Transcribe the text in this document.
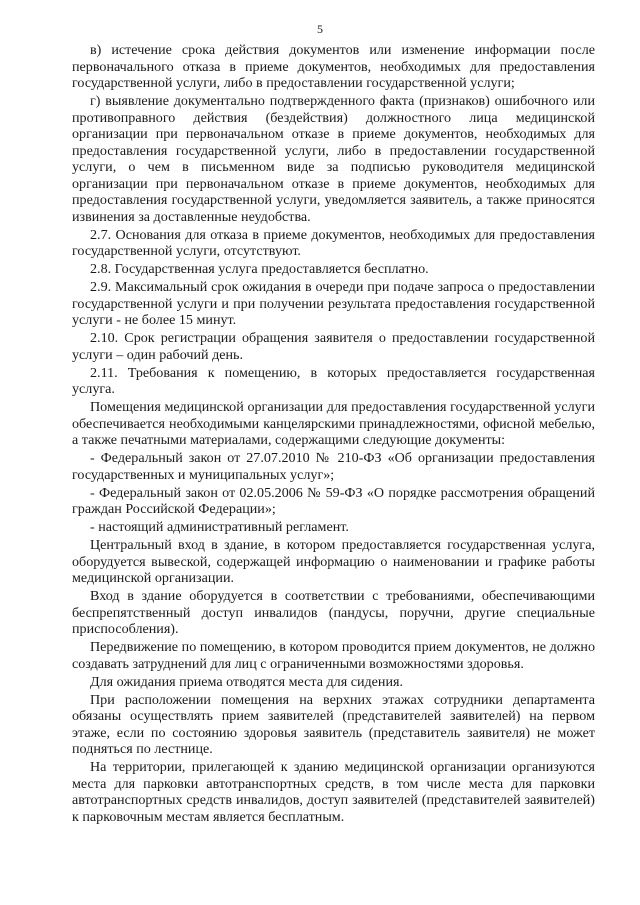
5

в) истечение срока действия документов или изменение информации после первоначального отказа в приеме документов, необходимых для предоставления государственной услуги, либо в предоставлении государственной услуги;

г) выявление документально подтвержденного факта (признаков) ошибочного или противоправного действия (бездействия) должностного лица медицинской организации при первоначальном отказе в приеме документов, необходимых для предоставления государственной услуги, либо в предоставлении государственной услуги, о чем в письменном виде за подписью руководителя медицинской организации при первоначальном отказе в приеме документов, необходимых для предоставления государственной услуги, уведомляется заявитель, а также приносятся извинения за доставленные неудобства.

2.7. Основания для отказа в приеме документов, необходимых для предоставления государственной услуги, отсутствуют.

2.8. Государственная услуга предоставляется бесплатно.

2.9. Максимальный срок ожидания в очереди при подаче запроса о предоставлении государственной услуги и при получении результата предоставления государственной услуги - не более 15 минут.

2.10. Срок регистрации обращения заявителя о предоставлении государственной услуги – один рабочий день.

2.11. Требования к помещению, в которых предоставляется государственная услуга.

Помещения медицинской организации для предоставления государственной услуги обеспечивается необходимыми канцелярскими принадлежностями, офисной мебелью, а также печатными материалами, содержащими следующие документы:

- Федеральный закон от 27.07.2010 № 210-ФЗ «Об организации предоставления государственных и муниципальных услуг»;

- Федеральный закон от 02.05.2006 № 59-ФЗ «О порядке рассмотрения обращений граждан Российской Федерации»;

- настоящий административный регламент.

Центральный вход в здание, в котором предоставляется государственная услуга, оборудуется вывеской, содержащей информацию о наименовании и графике работы медицинской организации.

Вход в здание оборудуется в соответствии с требованиями, обеспечивающими беспрепятственный доступ инвалидов (пандусы, поручни, другие специальные приспособления).

Передвижение по помещению, в котором проводится прием документов, не должно создавать затруднений для лиц с ограниченными возможностями здоровья.

Для ожидания приема отводятся места для сидения.

При расположении помещения на верхних этажах сотрудники департамента обязаны осуществлять прием заявителей (представителей заявителей) на первом этаже, если по состоянию здоровья заявитель (представитель заявителя) не может подняться по лестнице.

На территории, прилегающей к зданию медицинской организации организуются места для парковки автотранспортных средств, в том числе места для парковки автотранспортных средств инвалидов, доступ заявителей (представителей заявителей) к парковочным местам является бесплатным.
